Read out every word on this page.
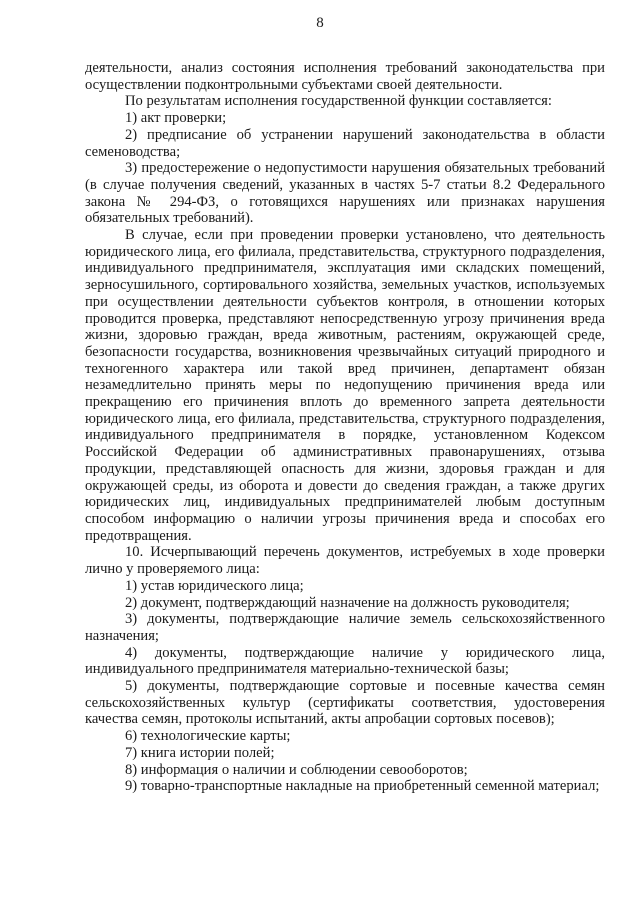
8

деятельности, анализ состояния исполнения требований законодательства при осуществлении подконтрольными субъектами своей деятельности.

По результатам исполнения государственной функции составляется:

1) акт проверки;

2) предписание об устранении нарушений законодательства в области семеноводства;

3) предостережение о недопустимости нарушения обязательных требований (в случае получения сведений, указанных в частях 5-7 статьи 8.2 Федерального закона № 294-ФЗ, о готовящихся нарушениях или признаках нарушения обязательных требований).

В случае, если при проведении проверки установлено, что деятельность юридического лица, его филиала, представительства, структурного подразделения, индивидуального предпринимателя, эксплуатация ими складских помещений, зерносушильного, сортировального хозяйства, земельных участков, используемых при осуществлении деятельности субъектов контроля, в отношении которых проводится проверка, представляют непосредственную угрозу причинения вреда жизни, здоровью граждан, вреда животным, растениям, окружающей среде, безопасности государства, возникновения чрезвычайных ситуаций природного и техногенного характера или такой вред причинен, департамент обязан незамедлительно принять меры по недопущению причинения вреда или прекращению его причинения вплоть до временного запрета деятельности юридического лица, его филиала, представительства, структурного подразделения, индивидуального предпринимателя в порядке, установленном Кодексом Российской Федерации об административных правонарушениях, отзыва продукции, представляющей опасность для жизни, здоровья граждан и для окружающей среды, из оборота и довести до сведения граждан, а также других юридических лиц, индивидуальных предпринимателей любым доступным способом информацию о наличии угрозы причинения вреда и способах его предотвращения.

10. Исчерпывающий перечень документов, истребуемых в ходе проверки лично у проверяемого лица:

1) устав юридического лица;

2) документ, подтверждающий назначение на должность руководителя;

3) документы, подтверждающие наличие земель сельскохозяйственного назначения;

4) документы, подтверждающие наличие у юридического лица, индивидуального предпринимателя материально-технической базы;

5) документы, подтверждающие сортовые и посевные качества семян сельскохозяйственных культур (сертификаты соответствия, удостоверения качества семян, протоколы испытаний, акты апробации сортовых посевов);

6) технологические карты;

7) книга истории полей;

8) информация о наличии и соблюдении севооборотов;

9) товарно-транспортные накладные на приобретенный семенной материал;
